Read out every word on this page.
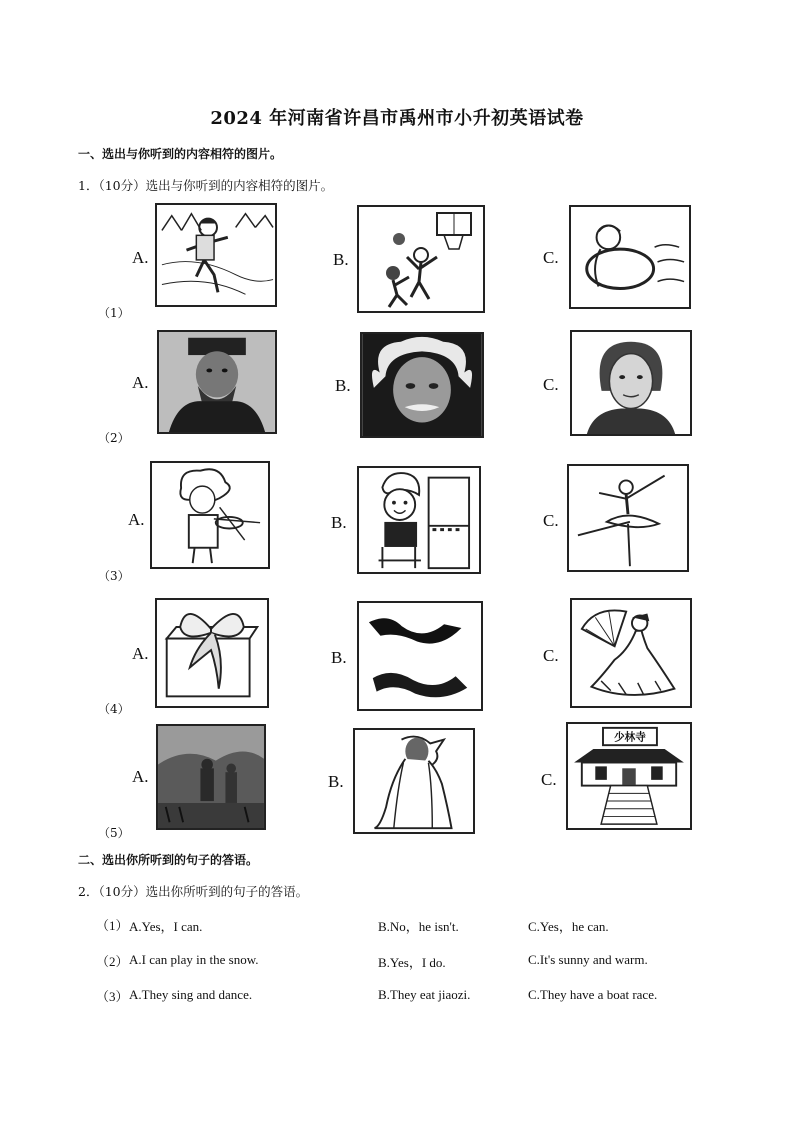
2024 年河南省许昌市禹州市小升初英语试卷
一、选出与你听到的内容相符的图片。
1．（10分）选出与你听到的内容相符的图片。
A.	B.	C.
（1）
A.	B.	C.
（2）
A.	B.	C.
（3）
A.	B.	C.
（4）
A.	B.	C.
少林寺
（5）
二、选出你所听到的句子的答语。
2．（10分）选出你所听到的句子的答语。
（1） A.Yes，I can.	B.No，he isn't.	C.Yes，he can.
（2） A.I can play in the snow.	B.Yes，I do.	C.It's sunny and warm.
（3） A.They sing and dance.	B.They eat jiaozi.	C.They have a boat race.
